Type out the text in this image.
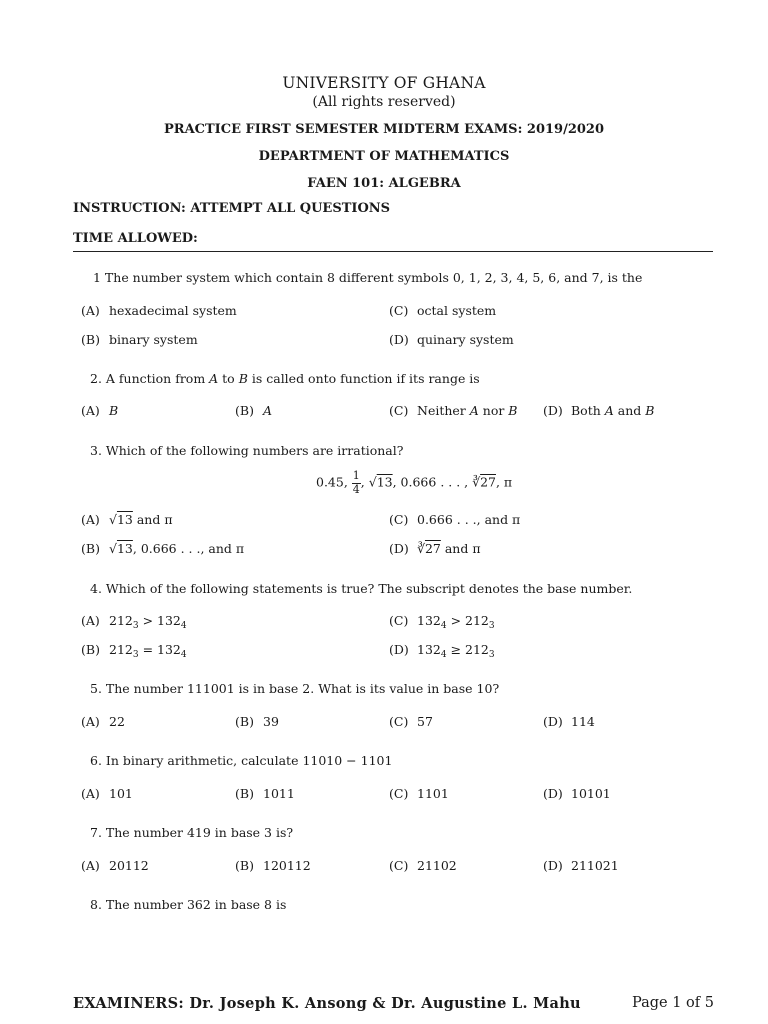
UNIVERSITY OF GHANA
(All rights reserved)
PRACTICE FIRST SEMESTER MIDTERM EXAMS: 2019/2020
DEPARTMENT OF MATHEMATICS
FAEN 101: ALGEBRA
INSTRUCTION: ATTEMPT ALL QUESTIONS
TIME ALLOWED:
1 The number system which contain 8 different symbols 0, 1, 2, 3, 4, 5, 6, and 7, is the
(A) hexadecimal system	(C) octal system
(B) binary system	(D) quinary system
2. A function from A to B is called onto function if its range is
(A) B	(B) A	(C) Neither A nor B (D) Both A and B
3. Which of the following numbers are irrational?
0.45, $\frac{1}{4}$ , √13, 0.666 . . . , ∛27, π
(A) √13 and π	(C) 0.666 . . ., and π
(B) √13, 0.666 . . ., and π	(D) ∛27 and π
4. Which of the following statements is true? The subscript denotes the base number.
(A) $212_3 > 132_4$	(C) $132_4 > 212_3$
(B) $212_3 = 132_4$	(D) $132_4 \ge 212_3$
5. The number 111001 is in base 2. What is its value in base 10?
(A) 22	(B) 39	(C) 57	(D) 114
6. In binary arithmetic, calculate 11010 − 1101
(A) 101	(B) 1011	(C) 1101	(D) 10101
7. The number 419 in base 3 is?
(A) 20112	(B) 120112	(C) 21102	(D) 211021
8. The number 362 in base 8 is
EXAMINERS: Dr. Joseph K. Ansong & Dr. Augustine L. Mahu	Page 1 of 5
